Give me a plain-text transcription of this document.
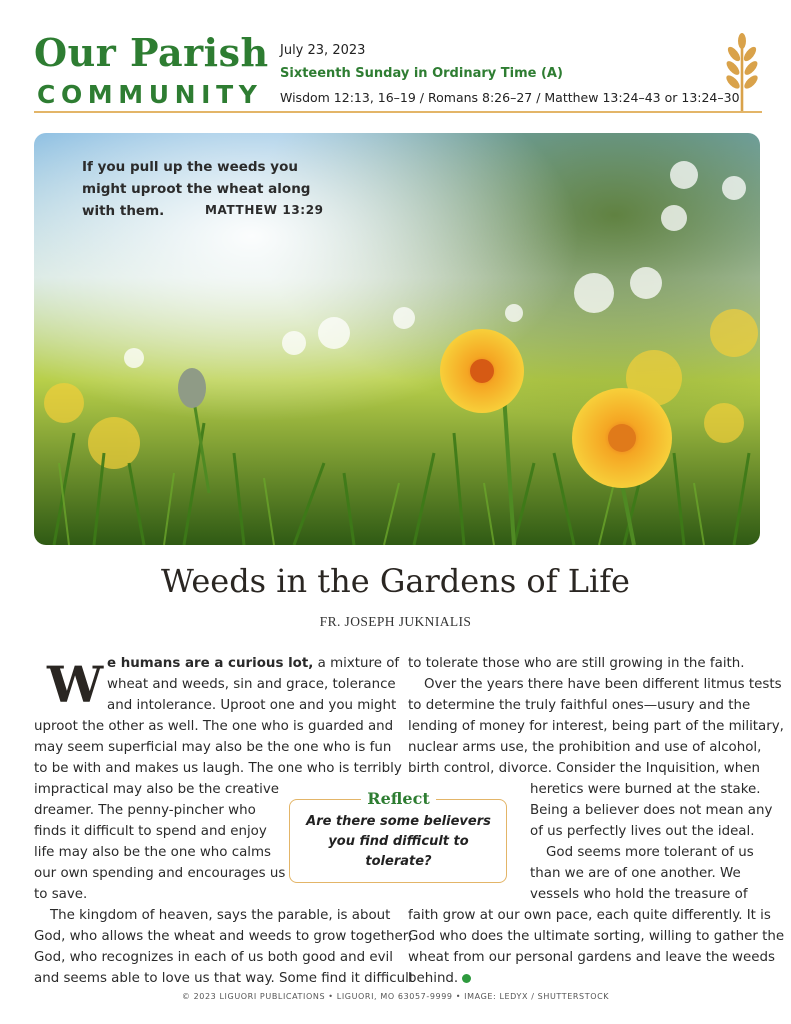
Our Parish
COMMUNITY
July 23, 2023
Sixteenth Sunday in Ordinary Time (A)
Wisdom 12:13, 16–19 / Romans 8:26–27 / Matthew 13:24–43 or 13:24–30
If you pull up the weeds you might uproot the wheat along with them.	MATTHEW 13:29
Weeds in the Gardens of Life
FR. JOSEPH JUKNIALIS
W e humans are a curious lot, a mixture of
wheat and weeds, sin and grace, tolerance
and intolerance. Uproot one and you might
uproot the other as well. The one who is guarded and
may seem superficial may also be the one who is fun
to be with and makes us laugh. The one who is terribly
impractical may also be the creative
dreamer. The penny-pincher who
finds it difficult to spend and enjoy
life may also be the one who calms
our own spending and encourages us
to save.
The kingdom of heaven, says the parable, is about
God, who allows the wheat and weeds to grow together;
God, who recognizes in each of us both good and evil
and seems able to love us that way. Some find it difficult
to tolerate those who are still growing in the faith.
Over the years there have been different litmus tests
to determine the truly faithful ones—usury and the
lending of money for interest, being part of the military,
nuclear arms use, the prohibition and use of alcohol,
birth control, divorce. Consider the Inquisition, when
heretics were burned at the stake.
Being a believer does not mean any
of us perfectly lives out the ideal.
God seems more tolerant of us
than we are of one another. We
vessels who hold the treasure of
faith grow at our own pace, each quite differently. It is
God who does the ultimate sorting, willing to gather the
wheat from our personal gardens and leave the weeds
behind.
Reflect
Are there some believers
you find difficult to
tolerate?
© 2023 LIGUORI PUBLICATIONS • LIGUORI, MO 63057-9999 • IMAGE: LEDYX / SHUTTERSTOCK
